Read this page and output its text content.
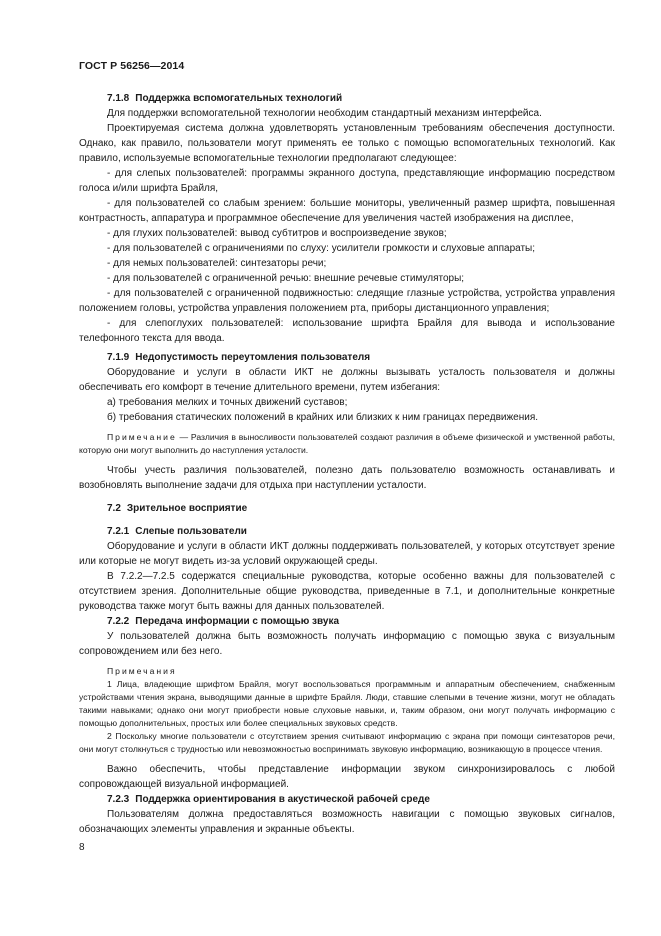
ГОСТ Р 56256—2014

7.1.8 Поддержка вспомогательных технологий

Для поддержки вспомогательной технологии необходим стандартный механизм интерфейса.

Проектируемая система должна удовлетворять установленным требованиям обеспечения доступности. Однако, как правило, пользователи могут применять ее только с помощью вспомогательных технологий. Как правило, используемые вспомогательные технологии предполагают следующее:

- для слепых пользователей: программы экранного доступа, представляющие информацию посредством голоса и/или шрифта Брайля,

- для пользователей со слабым зрением: большие мониторы, увеличенный размер шрифта, повышенная контрастность, аппаратура и программное обеспечение для увеличения частей изображения на дисплее,

- для глухих пользователей: вывод субтитров и воспроизведение звуков;

- для пользователей с ограничениями по слуху: усилители громкости и слуховые аппараты;

- для немых пользователей: синтезаторы речи;

- для пользователей с ограниченной речью: внешние речевые стимуляторы;

- для пользователей с ограниченной подвижностью: следящие глазные устройства, устройства управления положением головы, устройства управления положением рта, приборы дистанционного управления;

- для слепоглухих пользователей: использование шрифта Брайля для вывода и использование телефонного текста для ввода.

7.1.9 Недопустимость переутомления пользователя

Оборудование и услуги в области ИКТ не должны вызывать усталость пользователя и должны обеспечивать его комфорт в течение длительного времени, путем избегания:

а) требования мелких и точных движений суставов;

б) требования статических положений в крайних или близких к ним границах передвижения.

Примечание — Различия в выносливости пользователей создают различия в объеме физической и умственной работы, которую они могут выполнить до наступления усталости.

Чтобы учесть различия пользователей, полезно дать пользователю возможность останавливать и возобновлять выполнение задачи для отдыха при наступлении усталости.

7.2 Зрительное восприятие

7.2.1 Слепые пользователи

Оборудование и услуги в области ИКТ должны поддерживать пользователей, у которых отсутствует зрение или которые не могут видеть из-за условий окружающей среды.

В 7.2.2—7.2.5 содержатся специальные руководства, которые особенно важны для пользователей с отсутствием зрения. Дополнительные общие руководства, приведенные в 7.1, и дополнительные конкретные руководства также могут быть важны для данных пользователей.

7.2.2 Передача информации с помощью звука

У пользователей должна быть возможность получать информацию с помощью звука с визуальным сопровождением или без него.

Примечания

1 Лица, владеющие шрифтом Брайля, могут воспользоваться программным и аппаратным обеспечением, снабженным устройствами чтения экрана, выводящими данные в шрифте Брайля. Люди, ставшие слепыми в течение жизни, могут не обладать такими навыками; однако они могут приобрести новые слуховые навыки, и, таким образом, они могут получать информацию с помощью дополнительных, простых или более специальных звуковых средств.

2 Поскольку многие пользователи с отсутствием зрения считывают информацию с экрана при помощи синтезаторов речи, они могут столкнуться с трудностью или невозможностью воспринимать звуковую информацию, возникающую в процессе чтения.

Важно обеспечить, чтобы представление информации звуком синхронизировалось с любой сопровождающей визуальной информацией.

7.2.3 Поддержка ориентирования в акустической рабочей среде

Пользователям должна предоставляться возможность навигации с помощью звуковых сигналов, обозначающих элементы управления и экранные объекты.

8
